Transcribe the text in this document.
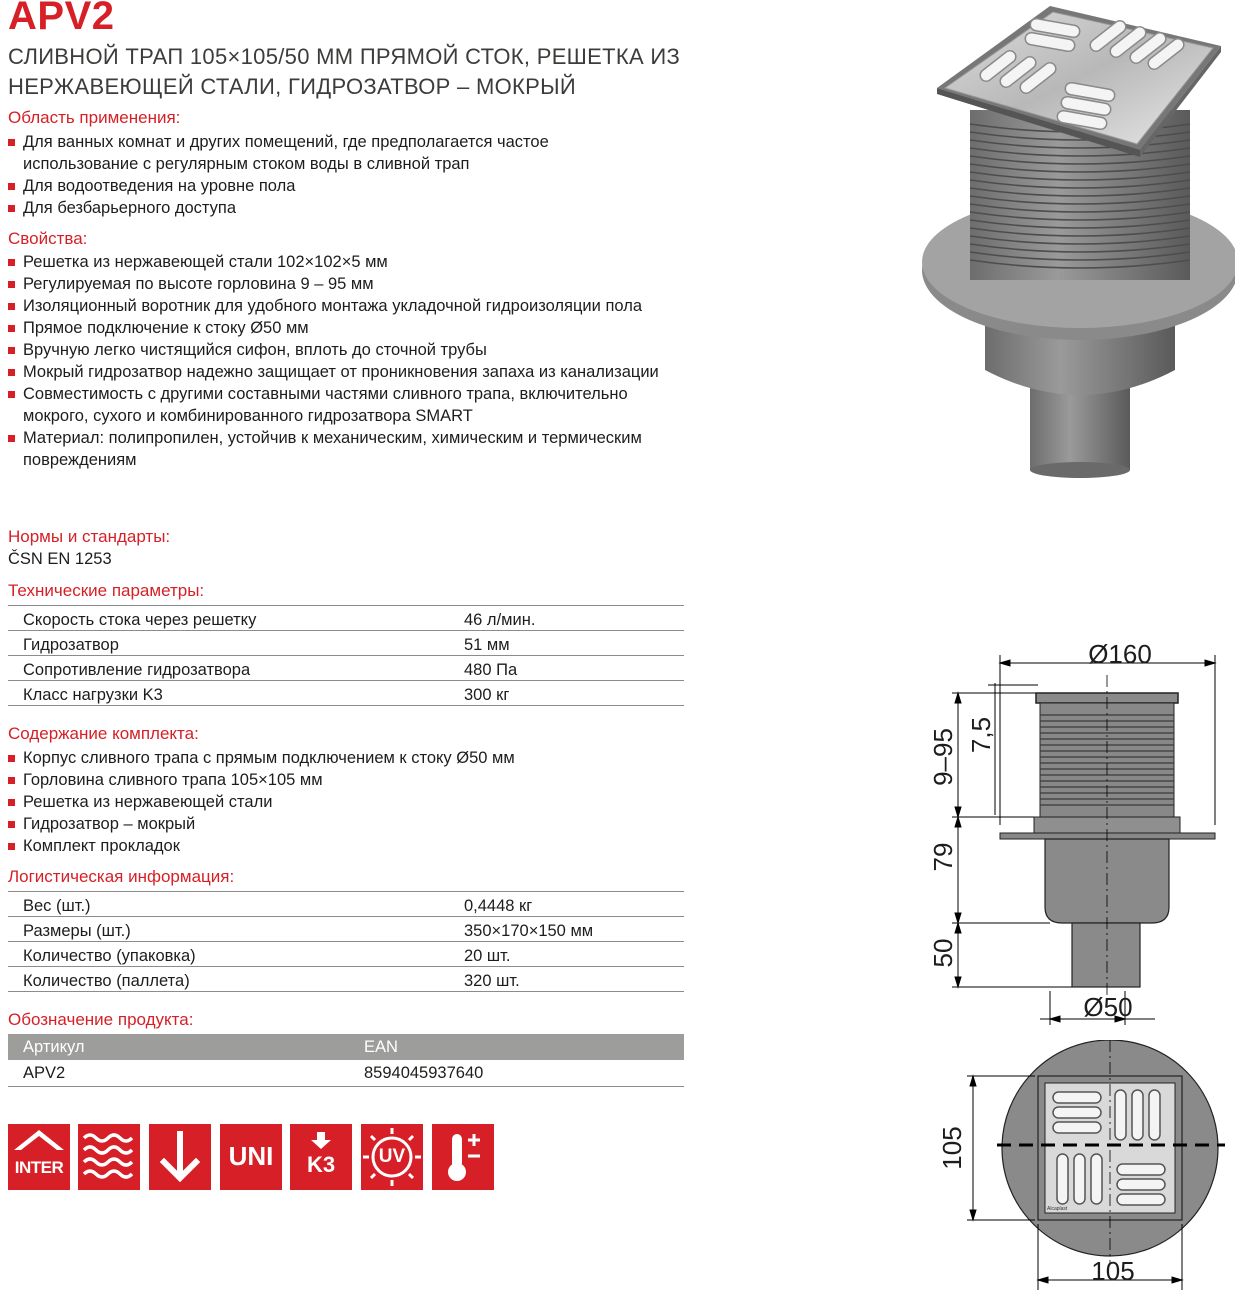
APV2
СЛИВНОЙ ТРАП 105×105/50 ММ ПРЯМОЙ СТОК, РЕШЕТКА ИЗ
НЕРЖАВЕЮЩЕЙ СТАЛИ, ГИДРОЗАТВОР – МОКРЫЙ
Область применения:
Для ванных комнат и других помещений, где предполагается частое использование с регулярным стоком воды в сливной трап
Для водоотведения на уровне пола
Для безбарьерного доступа
Свойства:
Решетка из нержавеющей стали 102×102×5 мм
Регулируемая по высоте горловина 9 – 95 мм
Изоляционный воротник для удобного монтажа укладочной гидроизоляции пола
Прямое подключение к стоку Ø50 мм
Вручную легко чистящийся сифон, вплоть до сточной трубы
Мокрый гидрозатвор надежно защищает от проникновения запаха из канализации
Совместимость с другими составными частями сливного трапа, включительно мокрого, сухого и комбинированного гидрозатвора SMART
Материал: полипропилен, устойчив к механическим, химическим и термическим повреждениям
Нормы и стандарты:
ČSN EN 1253
Технические параметры:
Скорость стока через решетку	46 л/мин.
Гидрозатвор	51 мм
Сопротивление гидрозатвора	480 Па
Класс нагрузки K3	300 кг
Содержание комплекта:
Корпус сливного трапа с прямым подключением к стоку Ø50 мм
Горловина сливного трапа 105×105 мм
Решетка из нержавеющей стали
Гидрозатвор – мокрый
Комплект прокладок
Логистическая информация:
Вес (шт.)	0,4448 кг
Размеры (шт.)	350×170×150 мм
Количество (упаковка)	20 шт.
Количество (паллета)	320 шт.
Обозначение продукта:
Артикул	EAN
APV2	8594045937640
INTER	UNI	K3	UV
Ø160
9–95 7,5
79
50
Ø50
Alcaplast
105
105
